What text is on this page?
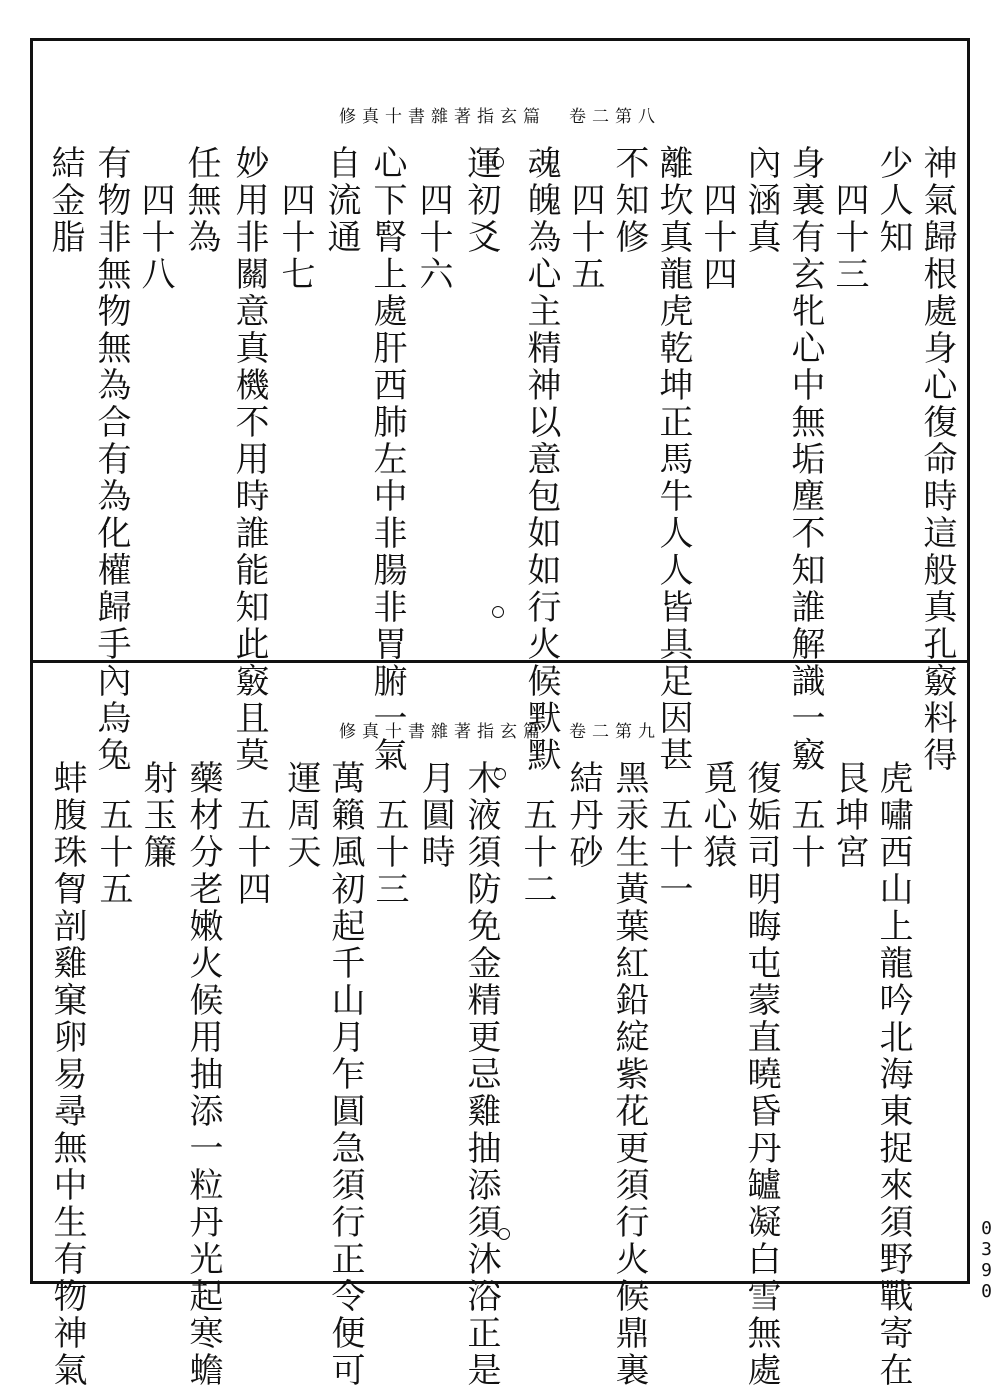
修真十書雜著指玄篇　卷二第八
神氣歸根處身心復命時這般真孔竅料得
少人知
　四十三
身裏有玄牝心中無垢塵不知誰解識一竅
內涵真
　四十四
離坎真龍虎乾坤正馬牛人人皆具足因甚
不知修
　四十五
魂魄為心主精神以意包如如行火候默默
運初爻
　四十六
心下腎上處肝西肺左中非腸非胃腑一氣
自流通
　四十七
妙用非關意真機不用時誰能知此竅且莫
任無為
　四十八
有物非無物無為合有為化權歸手內烏兔
結金脂
修真十書雜著指玄篇　卷二第九
虎嘯西山上龍吟北海東捉來須野戰寄在
艮坤宮
　五十
復姤司明晦屯蒙直曉昏丹罏凝白雪無處
覓心猿
　五十一
黑汞生黃葉紅鉛綻紫花更須行火候鼎裏
結丹砂
　五十二
木液須防免金精更忌雞抽添須沐浴正是
月圓時
　五十三
萬籟風初起千山月乍圓急須行正令便可
運周天
　五十四
藥材分老嫩火候用抽添一粒丹光起寒蟾
射玉簾
　五十五
蚌腹珠胷剖雞窠卵易尋無中生有物神氣	0390
